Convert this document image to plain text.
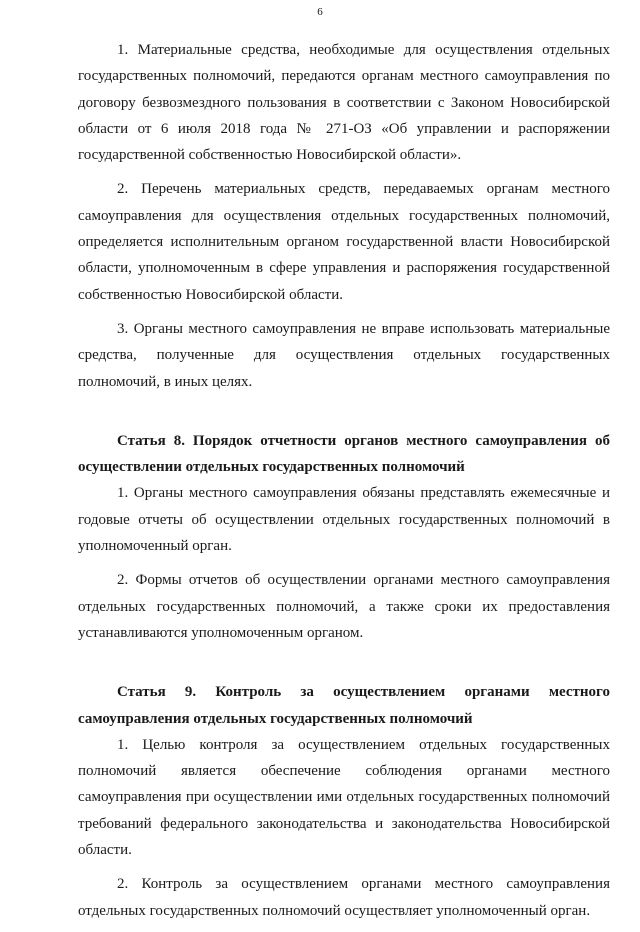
6

1. Материальные средства, необходимые для осуществления отдельных государственных полномочий, передаются органам местного самоуправления по договору безвозмездного пользования в соответствии с Законом Новосибирской области от 6 июля 2018 года № 271-ОЗ «Об управлении и распоряжении государственной собственностью Новосибирской области».

2. Перечень материальных средств, передаваемых органам местного самоуправления для осуществления отдельных государственных полномочий, определяется исполнительным органом государственной власти Новосибирской области, уполномоченным в сфере управления и распоряжения государственной собственностью Новосибирской области.

3. Органы местного самоуправления не вправе использовать материальные средства, полученные для осуществления отдельных государственных полномочий, в иных целях.

Статья 8. Порядок отчетности органов местного самоуправления об осуществлении отдельных государственных полномочий

1. Органы местного самоуправления обязаны представлять ежемесячные и годовые отчеты об осуществлении отдельных государственных полномочий в уполномоченный орган.

2. Формы отчетов об осуществлении органами местного самоуправления отдельных государственных полномочий, а также сроки их предоставления устанавливаются уполномоченным органом.

Статья 9. Контроль за осуществлением органами местного самоуправления отдельных государственных полномочий

1. Целью контроля за осуществлением отдельных государственных полномочий является обеспечение соблюдения органами местного самоуправления при осуществлении ими отдельных государственных полномочий требований федерального законодательства и законодательства Новосибирской области.

2. Контроль за осуществлением органами местного самоуправления отдельных государственных полномочий осуществляет уполномоченный орган.
